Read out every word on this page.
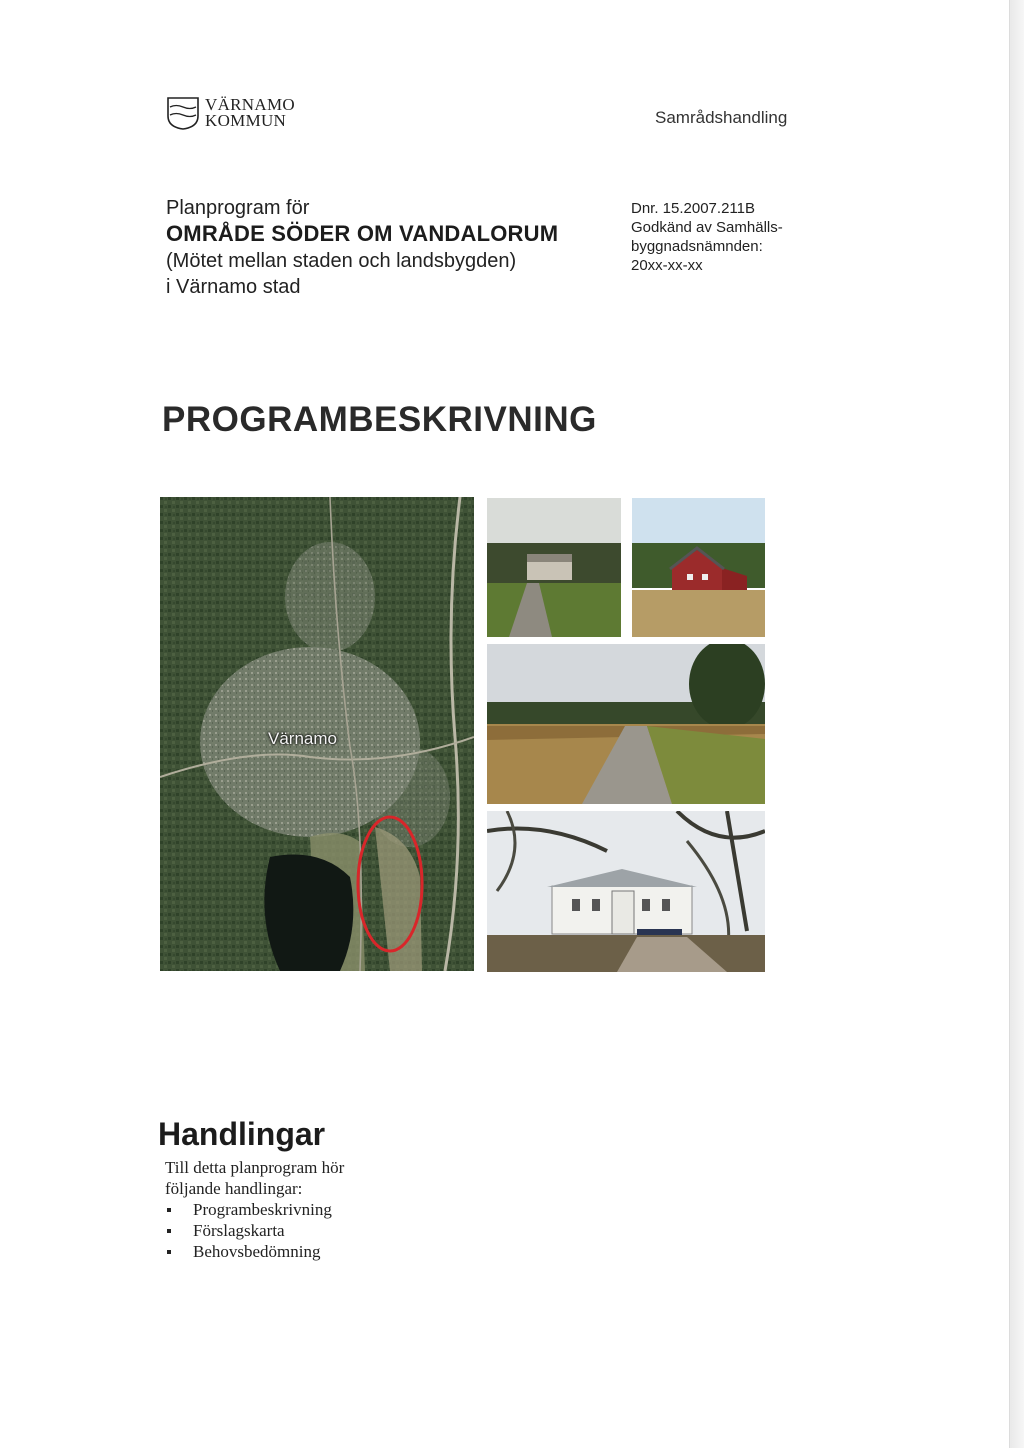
VÄRNAMO
KOMMUN	Samrådshandling

Planprogram för

OMRÅDE SÖDER OM VANDALORUM

(Mötet mellan staden och landsbygden)

i Värnamo stad

Dnr. 15.2007.211B
Godkänd av Samhälls-
byggnadsnämnden:
20xx-xx-xx
PROGRAMBESKRIVNING
Värnamo
Handlingar
Till detta planprogram hör
följande handlingar:
Programbeskrivning
Förslagskarta
Behovsbedömning
